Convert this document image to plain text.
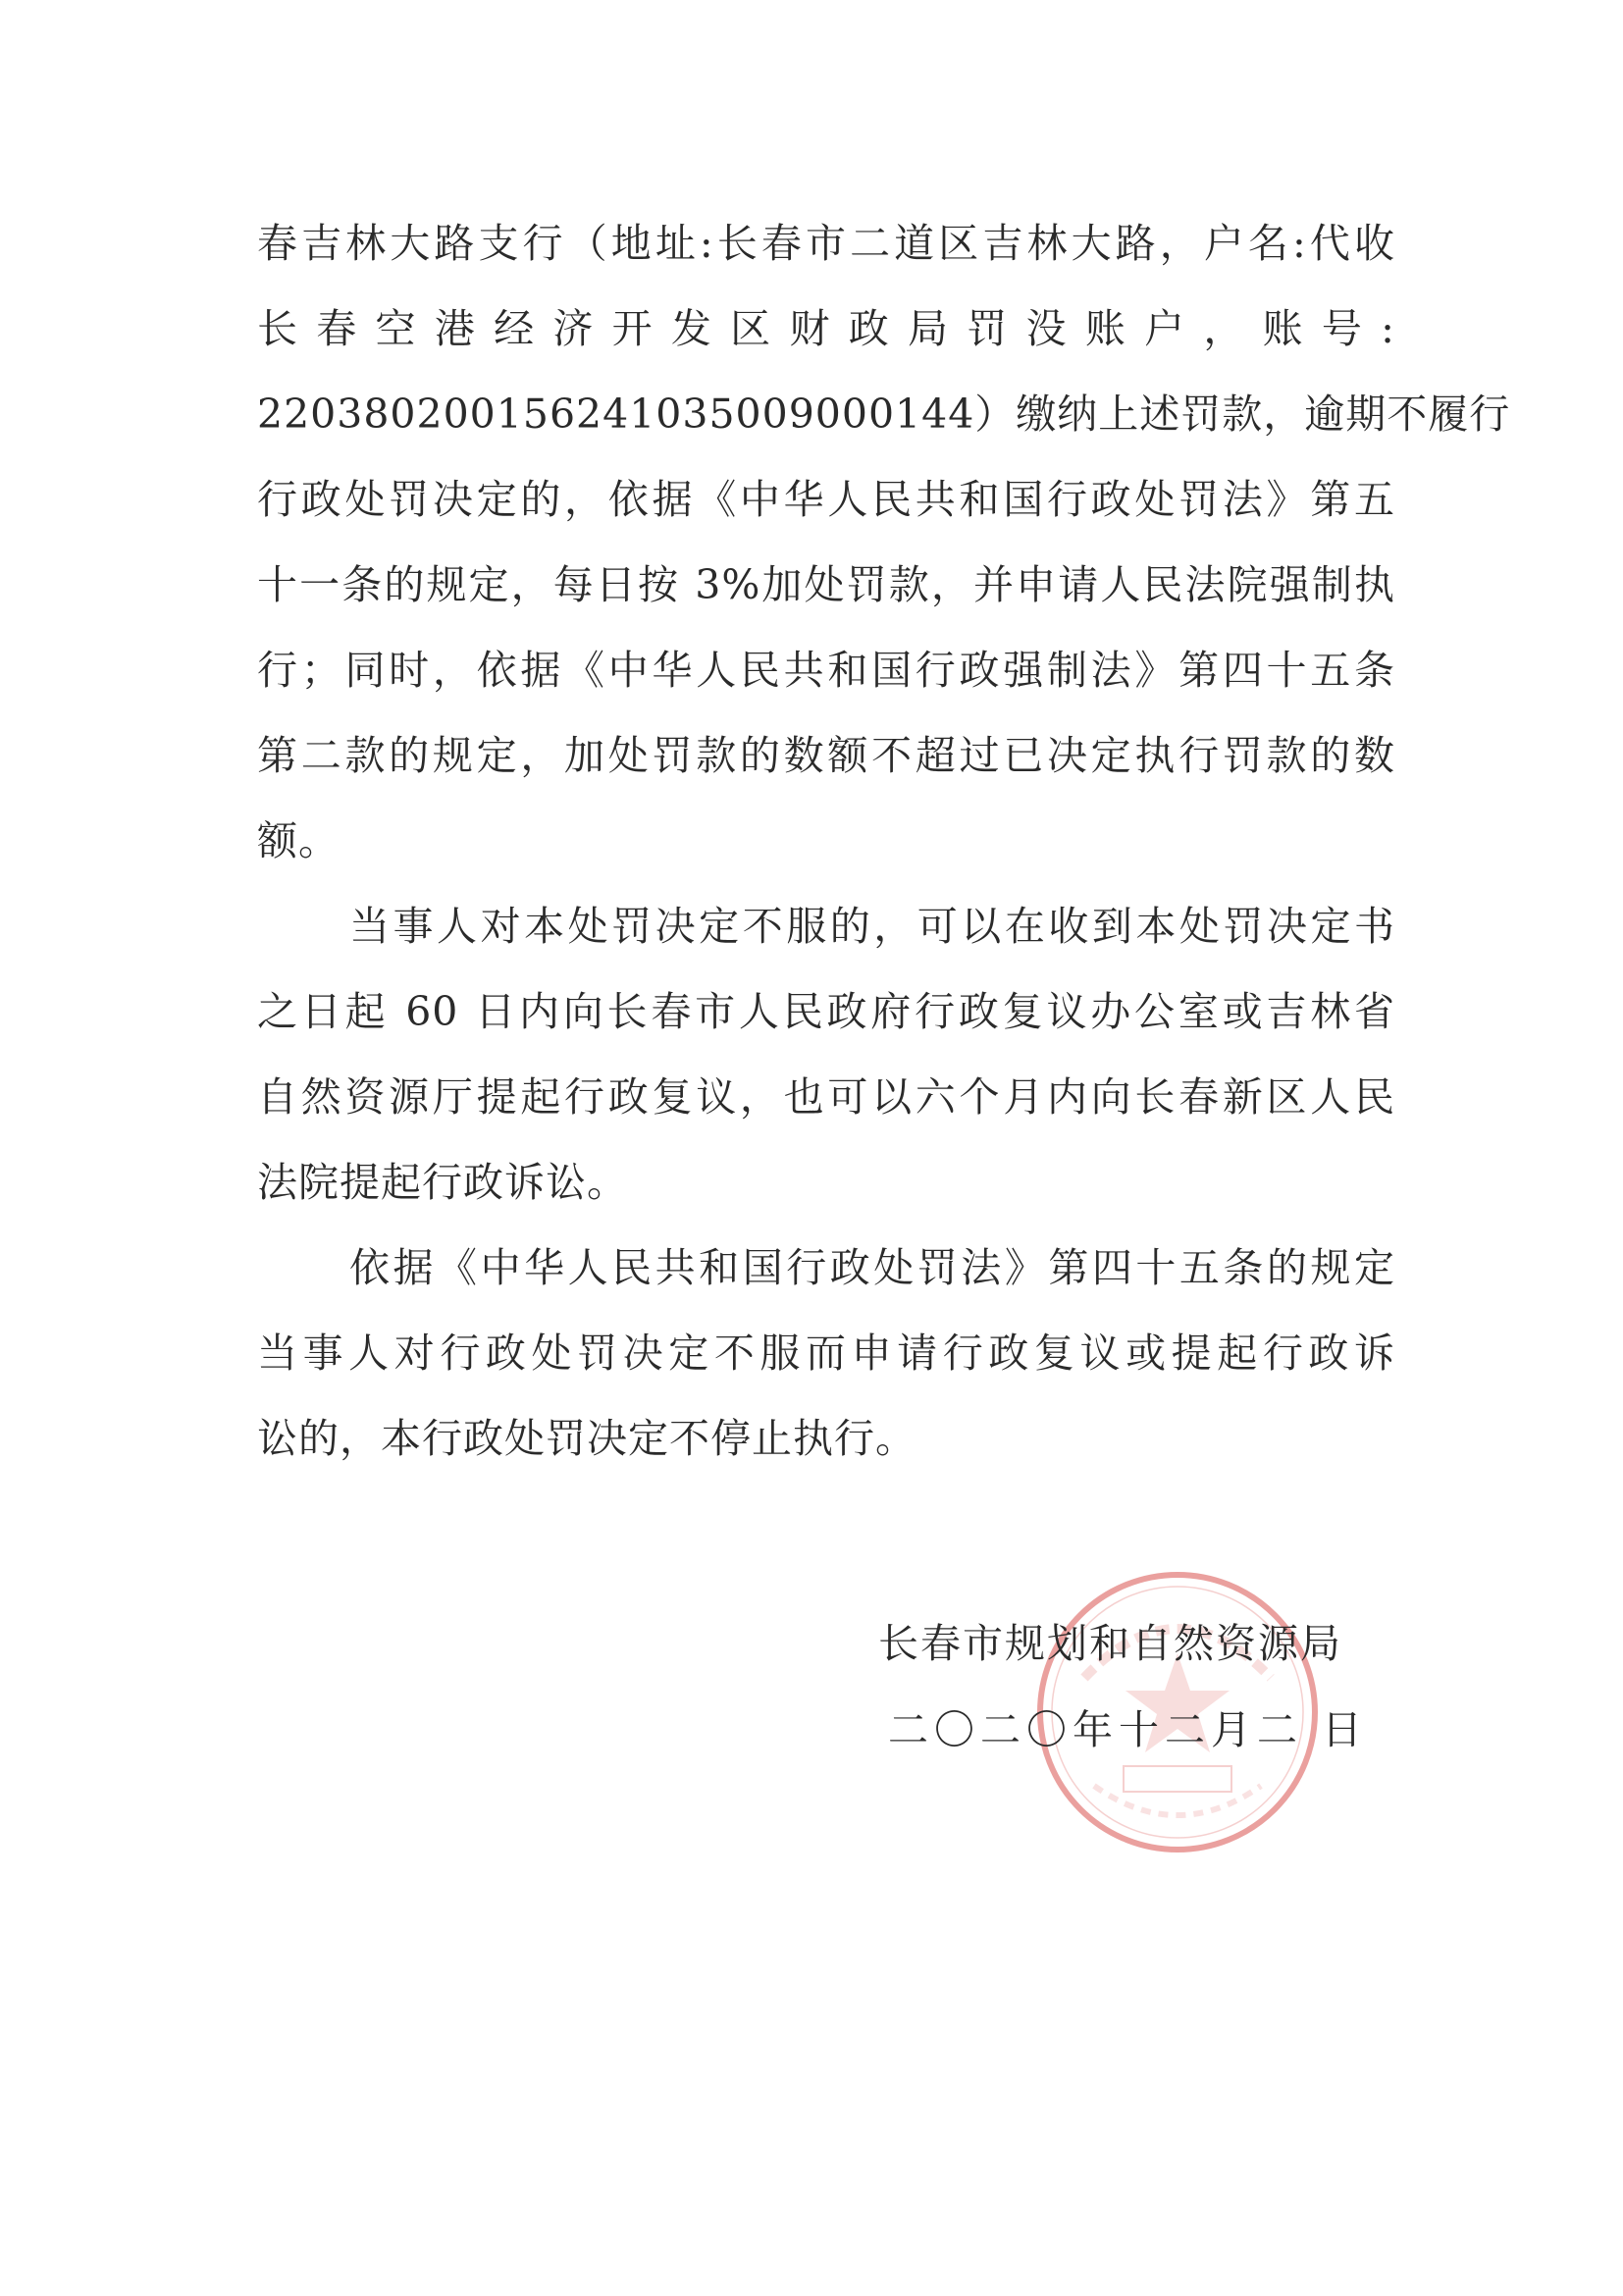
春吉林大路支行（地址:长春市二道区吉林大路，户名:代收
长春空港经济开发区财政局罚没账户，账号:
220380200156241035009000144）缴纳上述罚款，逾期不履行
行政处罚决定的，依据《中华人民共和国行政处罚法》第五
十一条的规定，每日按 3%加处罚款，并申请人民法院强制执
行；同时，依据《中华人民共和国行政强制法》第四十五条
第二款的规定，加处罚款的数额不超过已决定执行罚款的数
额。
当事人对本处罚决定不服的，可以在收到本处罚决定书
之日起 60 日内向长春市人民政府行政复议办公室或吉林省
自然资源厅提起行政复议，也可以六个月内向长春新区人民
法院提起行政诉讼。
依据《中华人民共和国行政处罚法》第四十五条的规定
当事人对行政处罚决定不服而申请行政复议或提起行政诉
讼的，本行政处罚决定不停止执行。
长春市规划和自然资源局
二〇二〇年十二月二 日
